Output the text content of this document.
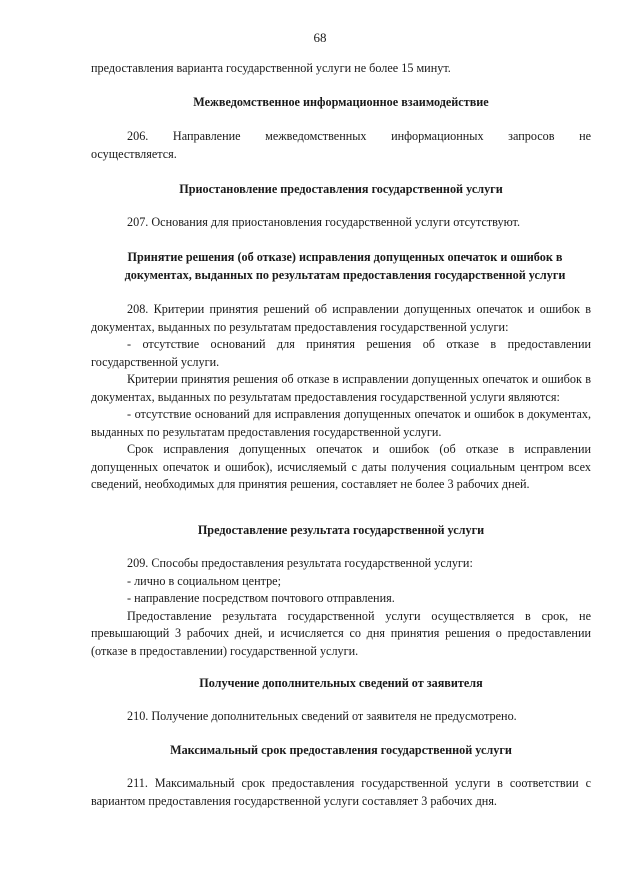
68
предоставления варианта государственной услуги не более 15 минут.
Межведомственное информационное взаимодействие
206. Направление межведомственных информационных запросов не
осуществляется.
Приостановление предоставления государственной услуги
207. Основания для приостановления государственной услуги отсутствуют.
Принятие решения (об отказе) исправления допущенных опечаток и ошибок в документах, выданных по результатам предоставления государственной услуги
208. Критерии принятия решений об исправлении допущенных опечаток и ошибок в документах, выданных по результатам предоставления государственной услуги:
- отсутствие оснований для принятия решения об отказе в предоставлении государственной услуги.
Критерии принятия решения об отказе в исправлении допущенных опечаток и ошибок в документах, выданных по результатам предоставления государственной услуги являются:
- отсутствие оснований для исправления допущенных опечаток и ошибок в документах, выданных по результатам предоставления государственной услуги.
Срок исправления допущенных опечаток и ошибок (об отказе в исправлении допущенных опечаток и ошибок), исчисляемый с даты получения социальным центром всех сведений, необходимых для принятия решения, составляет не более 3 рабочих дней.
Предоставление результата государственной услуги
209. Способы предоставления результата государственной услуги:
- лично в социальном центре;
- направление посредством почтового отправления.
Предоставление результата государственной услуги осуществляется в срок, не превышающий 3 рабочих дней, и исчисляется со дня принятия решения о предоставлении (отказе в предоставлении) государственной услуги.
Получение дополнительных сведений от заявителя
210. Получение дополнительных сведений от заявителя не предусмотрено.
Максимальный срок предоставления государственной услуги
211. Максимальный срок предоставления государственной услуги в соответствии с вариантом предоставления государственной услуги составляет 3 рабочих дня.
